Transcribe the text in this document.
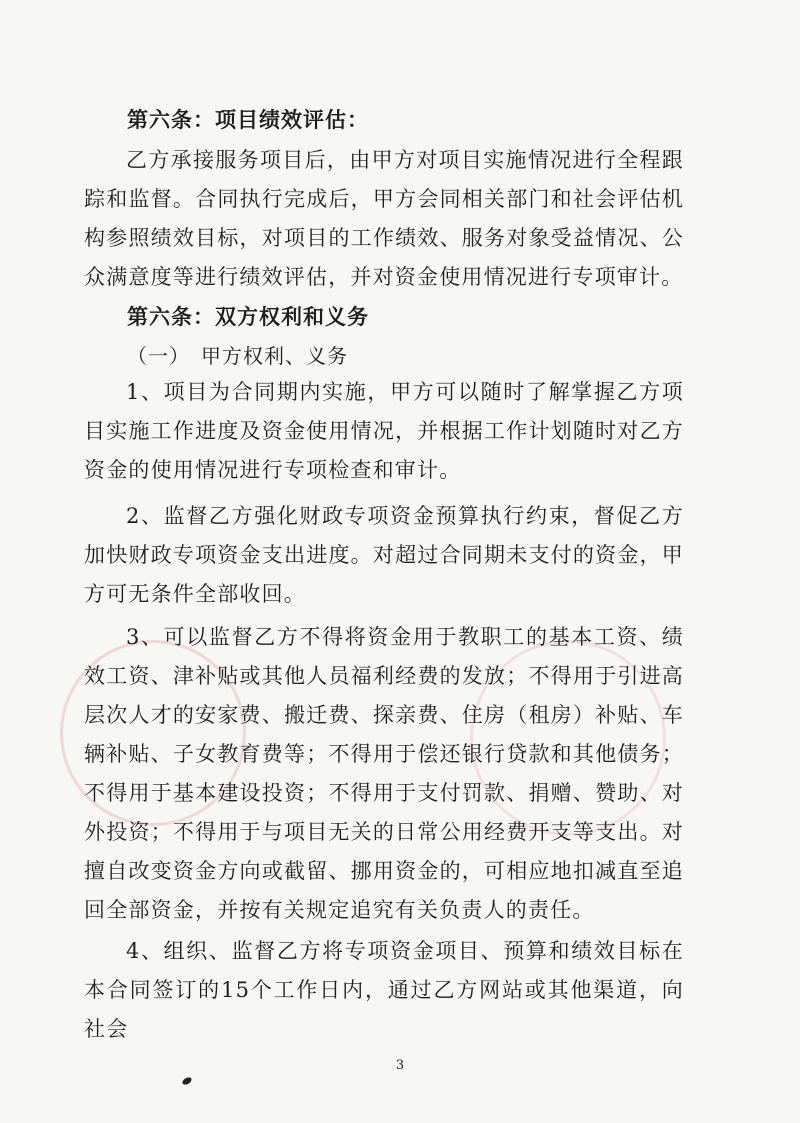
第六条：项目绩效评估：

乙方承接服务项目后，由甲方对项目实施情况进行全程跟踪和监督。合同执行完成后，甲方会同相关部门和社会评估机构参照绩效目标，对项目的工作绩效、服务对象受益情况、公众满意度等进行绩效评估，并对资金使用情况进行专项审计。

第六条：双方权利和义务
（一）　甲方权利、义务

1、项目为合同期内实施，甲方可以随时了解掌握乙方项目实施工作进度及资金使用情况，并根据工作计划随时对乙方资金的使用情况进行专项检查和审计。

2、监督乙方强化财政专项资金预算执行约束，督促乙方加快财政专项资金支出进度。对超过合同期未支付的资金，甲方可无条件全部收回。

3、可以监督乙方不得将资金用于教职工的基本工资、绩效工资、津补贴或其他人员福利经费的发放；不得用于引进高层次人才的安家费、搬迁费、探亲费、住房（租房）补贴、车辆补贴、子女教育费等；不得用于偿还银行贷款和其他债务；不得用于基本建设投资；不得用于支付罚款、捐赠、赞助、对外投资；不得用于与项目无关的日常公用经费开支等支出。对擅自改变资金方向或截留、挪用资金的，可相应地扣减直至追回全部资金，并按有关规定追究有关负责人的责任。

4、组织、监督乙方将专项资金项目、预算和绩效目标在本合同签订的15个工作日内，通过乙方网站或其他渠道，向社会

3
